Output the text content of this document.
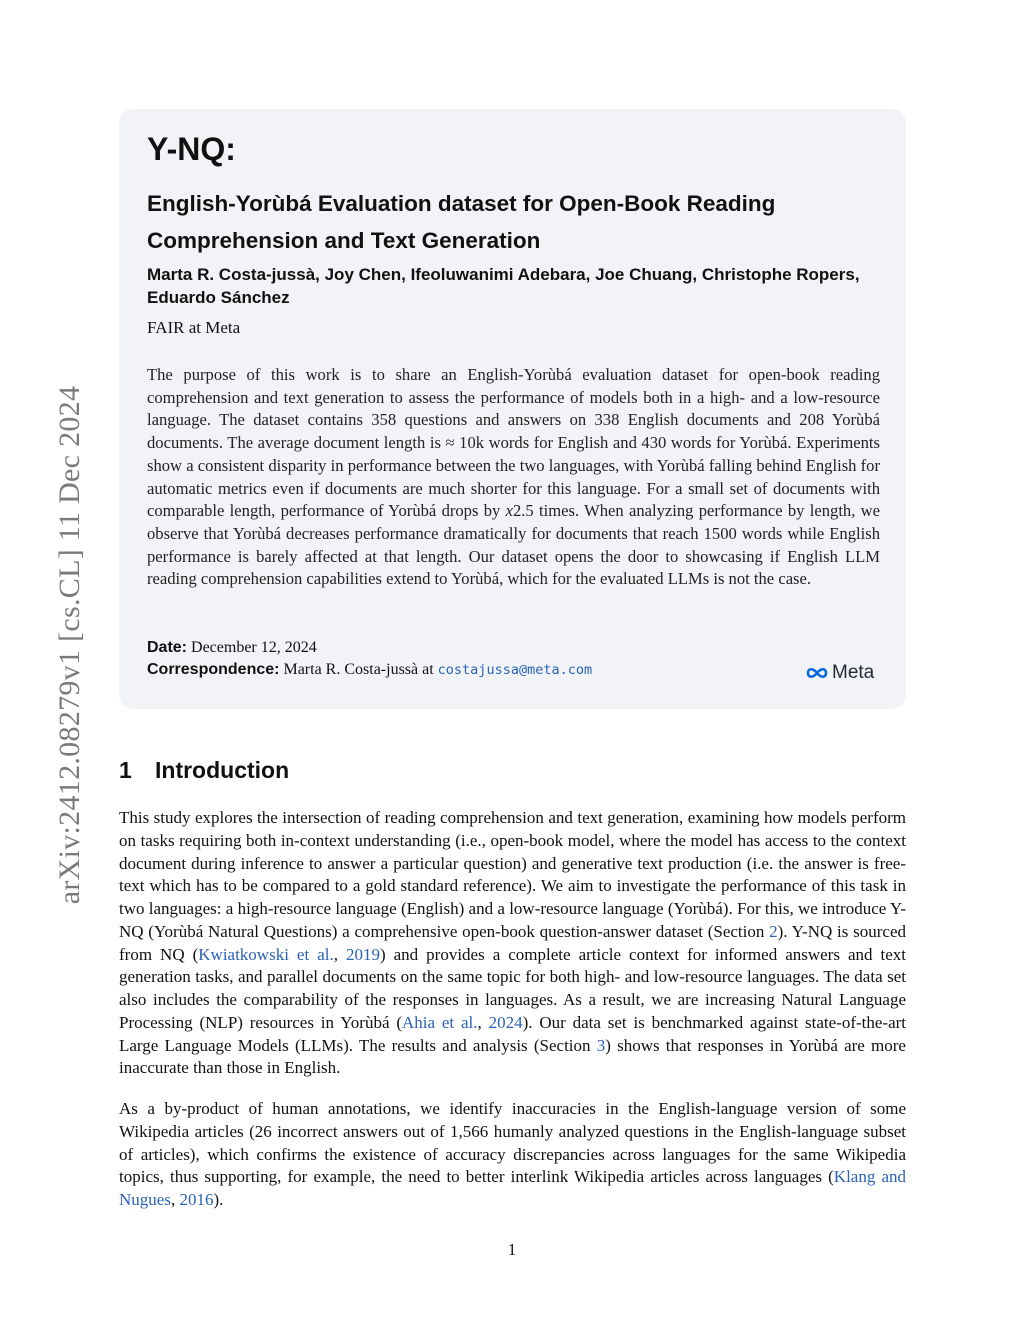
arXiv:2412.08279v1 [cs.CL] 11 Dec 2024
Y-NQ:
English-Yorùbá Evaluation dataset for Open-Book Reading Comprehension and Text Generation
Marta R. Costa-jussà, Joy Chen, Ifeoluwanimi Adebara, Joe Chuang, Christophe Ropers, Eduardo Sánchez
FAIR at Meta
The purpose of this work is to share an English-Yorùbá evaluation dataset for open-book reading comprehension and text generation to assess the performance of models both in a high- and a low-resource language. The dataset contains 358 questions and answers on 338 English documents and 208 Yorùbá documents. The average document length is ≈ 10k words for English and 430 words for Yorùbá. Experiments show a consistent disparity in performance between the two languages, with Yorùbá falling behind English for automatic metrics even if documents are much shorter for this language. For a small set of documents with comparable length, performance of Yorùbá drops by x2.5 times. When analyzing performance by length, we observe that Yorùbá decreases performance dramatically for documents that reach 1500 words while English performance is barely affected at that length. Our dataset opens the door to showcasing if English LLM reading comprehension capabilities extend to Yorùbá, which for the evaluated LLMs is not the case.
Date: December 12, 2024
Correspondence: Marta R. Costa-jussà at costajussa@meta.com	Meta
1 Introduction
This study explores the intersection of reading comprehension and text generation, examining how models perform on tasks requiring both in-context understanding (i.e., open-book model, where the model has access to the context document during inference to answer a particular question) and generative text production (i.e. the answer is free-text which has to be compared to a gold standard reference). We aim to investigate the performance of this task in two languages: a high-resource language (English) and a low-resource language (Yorùbá). For this, we introduce Y-NQ (Yorùbá Natural Questions) a comprehensive open-book question-answer dataset (Section 2). Y-NQ is sourced from NQ (Kwiatkowski et al., 2019) and provides a complete article context for informed answers and text generation tasks, and parallel documents on the same topic for both high- and low-resource languages. The data set also includes the comparability of the responses in languages. As a result, we are increasing Natural Language Processing (NLP) resources in Yorùbá (Ahia et al., 2024). Our data set is benchmarked against state-of-the-art Large Language Models (LLMs). The results and analysis (Section 3) shows that responses in Yorùbá are more inaccurate than those in English.
As a by-product of human annotations, we identify inaccuracies in the English-language version of some Wikipedia articles (26 incorrect answers out of 1,566 humanly analyzed questions in the English-language subset of articles), which confirms the existence of accuracy discrepancies across languages for the same Wikipedia topics, thus supporting, for example, the need to better interlink Wikipedia articles across languages (Klang and Nugues, 2016).
1
